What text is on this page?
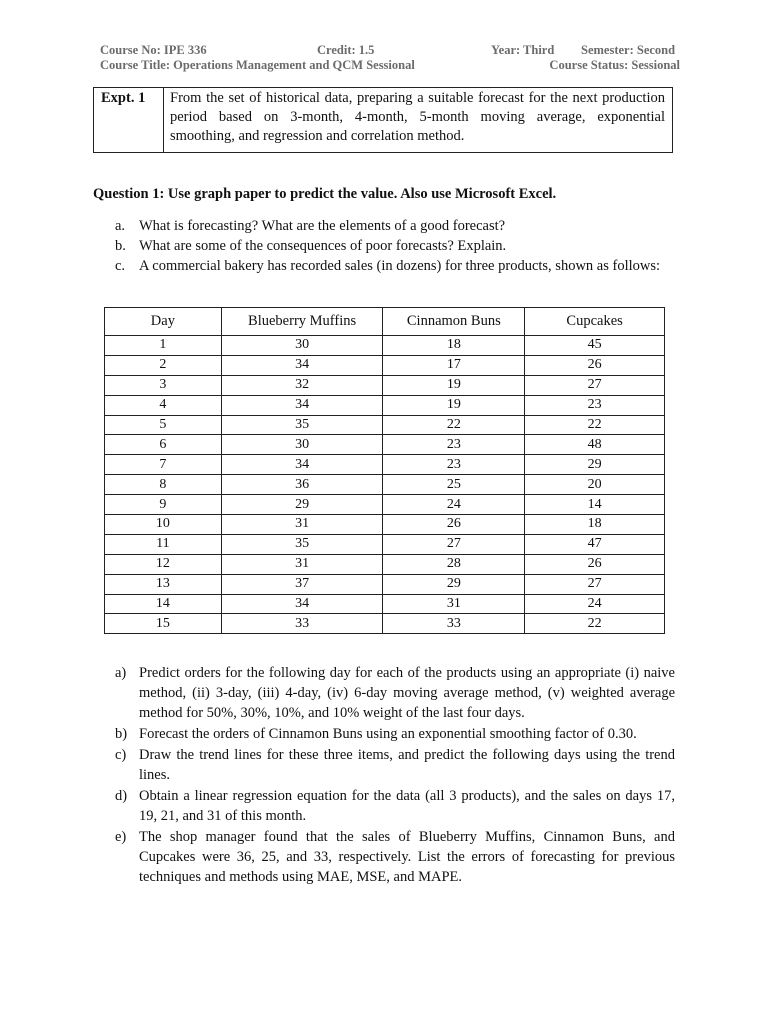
Course No: IPE 336	Credit: 1.5	Year: Third Semester: Second
Course Title: Operations Management and QCM Sessional	Course Status: Sessional
Expt. 1	From the set of historical data, preparing a suitable forecast for the next production period based on 3-month, 4-month, 5-month moving average, exponential smoothing, and regression and correlation method.
Question 1: Use graph paper to predict the value. Also use Microsoft Excel.
a. What is forecasting? What are the elements of a good forecast?
b. What are some of the consequences of poor forecasts? Explain.
c. A commercial bakery has recorded sales (in dozens) for three products, shown as follows:
Day	Blueberry Muffins	Cinnamon Buns	Cupcakes
1	30	18	45
2	34	17	26
3	32	19	27
4	34	19	23
5	35	22	22
6	30	23	48
7	34	23	29
8	36	25	20
9	29	24	14
10	31	26	18
11	35	27	47
12	31	28	26
13	37	29	27
14	34	31	24
15	33	33	22
a) Predict orders for the following day for each of the products using an appropriate (i) naive method, (ii) 3-day, (iii) 4-day, (iv) 6-day moving average method, (v) weighted average method for 50%, 30%, 10%, and 10% weight of the last four days.
b) Forecast the orders of Cinnamon Buns using an exponential smoothing factor of 0.30.
c) Draw the trend lines for these three items, and predict the following days using the trend lines.
d) Obtain a linear regression equation for the data (all 3 products), and the sales on days 17, 19, 21, and 31 of this month.
e) The shop manager found that the sales of Blueberry Muffins, Cinnamon Buns, and Cupcakes were 36, 25, and 33, respectively. List the errors of forecasting for previous techniques and methods using MAE, MSE, and MAPE.
